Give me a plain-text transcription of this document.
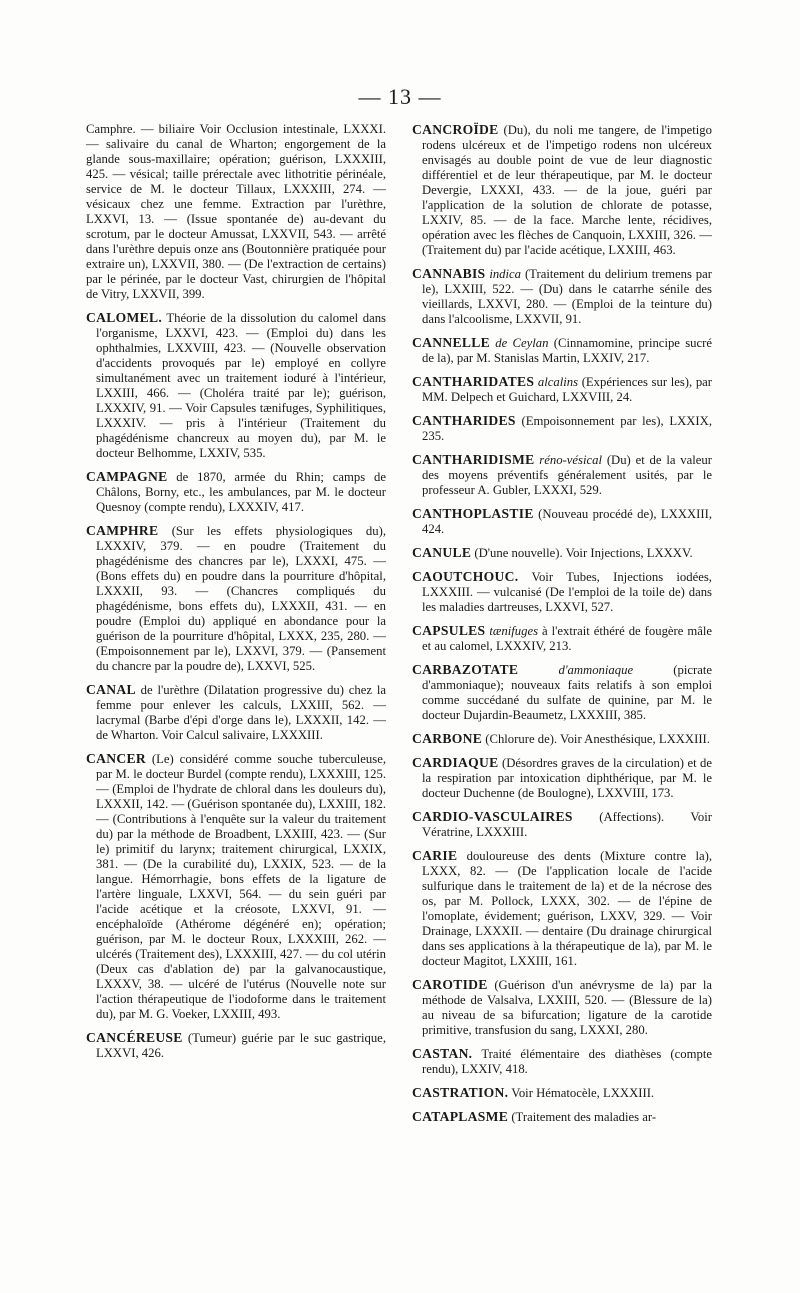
— 13 —

Camphre. — biliaire Voir Occlusion intestinale, LXXXI. — salivaire du canal de Wharton; engorgement de la glande sous-maxillaire; opération; guérison, LXXXIII, 425. — vésical; taille prérectale avec lithotritie périnéale, service de M. le docteur Tillaux, LXXXIII, 274. — vésicaux chez une femme. Extraction par l'urèthre, LXXVI, 13. — (Issue spontanée de) au-devant du scrotum, par le docteur Amussat, LXXVII, 543. — arrêté dans l'urèthre depuis onze ans (Boutonnière pratiquée pour extraire un), LXXVII, 380. — (De l'extraction de certains) par le périnée, par le docteur Vast, chirurgien de l'hôpital de Vitry, LXXVII, 399.

CALOMEL. Théorie de la dissolution du calomel dans l'organisme, LXXVI, 423. — (Emploi du) dans les ophthalmies, LXXVIII, 423. — (Nouvelle observation d'accidents provoqués par le) employé en collyre simultanément avec un traitement ioduré à l'intérieur, LXXIII, 466. — (Choléra traité par le); guérison, LXXXIV, 91. — Voir Capsules tænifuges, Syphilitiques, LXXXIV. — pris à l'intérieur (Traitement du phagédénisme chancreux au moyen du), par M. le docteur Belhomme, LXXIV, 535.

CAMPAGNE de 1870, armée du Rhin; camps de Châlons, Borny, etc., les ambulances, par M. le docteur Quesnoy (compte rendu), LXXXIV, 417.

CAMPHRE (Sur les effets physiologiques du), LXXXIV, 379. — en poudre (Traitement du phagédénisme des chancres par le), LXXXI, 475. — (Bons effets du) en poudre dans la pourriture d'hôpital, LXXXII, 93. — (Chancres compliqués du phagédénisme, bons effets du), LXXXII, 431. — en poudre (Emploi du) appliqué en abondance pour la guérison de la pourriture d'hôpital, LXXX, 235, 280. — (Empoisonnement par le), LXXVI, 379. — (Pansement du chancre par la poudre de), LXXVI, 525.

CANAL de l'urèthre (Dilatation progressive du) chez la femme pour enlever les calculs, LXXIII, 562. — lacrymal (Barbe d'épi d'orge dans le), LXXXII, 142. — de Wharton. Voir Calcul salivaire, LXXXIII.

CANCER (Le) considéré comme souche tuberculeuse, par M. le docteur Burdel (compte rendu), LXXXIII, 125. — (Emploi de l'hydrate de chloral dans les douleurs du), LXXXII, 142. — (Guérison spontanée du), LXXIII, 182. — (Contributions à l'enquête sur la valeur du traitement du) par la méthode de Broadbent, LXXIII, 423. — (Sur le) primitif du larynx; traitement chirurgical, LXXIX, 381. — (De la curabilité du), LXXIX, 523. — de la langue. Hémorrhagie, bons effets de la ligature de l'artère linguale, LXXVI, 564. — du sein guéri par l'acide acétique et la créosote, LXXVI, 91. — encéphaloïde (Athérome dégénéré en); opération; guérison, par M. le docteur Roux, LXXXIII, 262. — ulcérés (Traitement des), LXXXIII, 427. — du col utérin (Deux cas d'ablation de) par la galvanocaustique, LXXXV, 38. — ulcéré de l'utérus (Nouvelle note sur l'action thérapeutique de l'iodoforme dans le traitement du), par M. G. Voeker, LXXIII, 493.

CANCÉREUSE (Tumeur) guérie par le suc gastrique, LXXVI, 426.

CANCROÏDE (Du), du noli me tangere, de l'impetigo rodens ulcéreux et de l'impetigo rodens non ulcéreux envisagés au double point de vue de leur diagnostic différentiel et de leur thérapeutique, par M. le docteur Devergie, LXXXI, 433. — de la joue, guéri par l'application de la solution de chlorate de potasse, LXXIV, 85. — de la face. Marche lente, récidives, opération avec les flèches de Canquoin, LXXIII, 326. — (Traitement du) par l'acide acétique, LXXIII, 463.

CANNABIS indica (Traitement du delirium tremens par le), LXXIII, 522. — (Du) dans le catarrhe sénile des vieillards, LXXVI, 280. — (Emploi de la teinture du) dans l'alcoolisme, LXXVII, 91.

CANNELLE de Ceylan (Cinnamomine, principe sucré de la), par M. Stanislas Martin, LXXIV, 217.

CANTHARIDATES alcalins (Expériences sur les), par MM. Delpech et Guichard, LXXVIII, 24.

CANTHARIDES (Empoisonnement par les), LXXIX, 235.

CANTHARIDISME réno-vésical (Du) et de la valeur des moyens préventifs généralement usités, par le professeur A. Gubler, LXXXI, 529.

CANTHOPLASTIE (Nouveau procédé de), LXXXIII, 424.

CANULE (D'une nouvelle). Voir Injections, LXXXV.

CAOUTCHOUC. Voir Tubes, Injections iodées, LXXXIII. — vulcanisé (De l'emploi de la toile de) dans les maladies dartreuses, LXXVI, 527.

CAPSULES tænifuges à l'extrait éthéré de fougère mâle et au calomel, LXXXIV, 213.

CARBAZOTATE	d'ammoniaque	(picrate d'ammoniaque); nouveaux faits relatifs à son emploi comme succédané du sulfate de quinine, par M. le docteur Dujardin-Beaumetz, LXXXIII, 385.

CARBONE (Chlorure de). Voir Anesthésique, LXXXIII.

CARDIAQUE (Désordres graves de la circulation) et de la respiration par intoxication diphthérique, par M. le docteur Duchenne (de Boulogne), LXXVIII, 173.

CARDIO-VASCULAIRES (Affections). Voir Vératrine, LXXXIII.

CARIE douloureuse des dents (Mixture contre la), LXXX, 82. — (De l'application locale de l'acide sulfurique dans le traitement de la) et de la nécrose des os, par M. Pollock, LXXX, 302. — de l'épine de l'omoplate, évidement; guérison, LXXV, 329. — Voir Drainage, LXXXII. — dentaire (Du drainage chirurgical dans ses applications à la thérapeutique de la), par M. le docteur Magitot, LXXIII, 161.

CAROTIDE (Guérison d'un anévrysme de la) par la méthode de Valsalva, LXXIII, 520. — (Blessure de la) au niveau de sa bifurcation; ligature de la carotide primitive, transfusion du sang, LXXXI, 280.

CASTAN. Traité élémentaire des diathèses (compte rendu), LXXIV, 418.

CASTRATION. Voir Hématocèle, LXXXIII.

CATAPLASME (Traitement des maladies ar-
